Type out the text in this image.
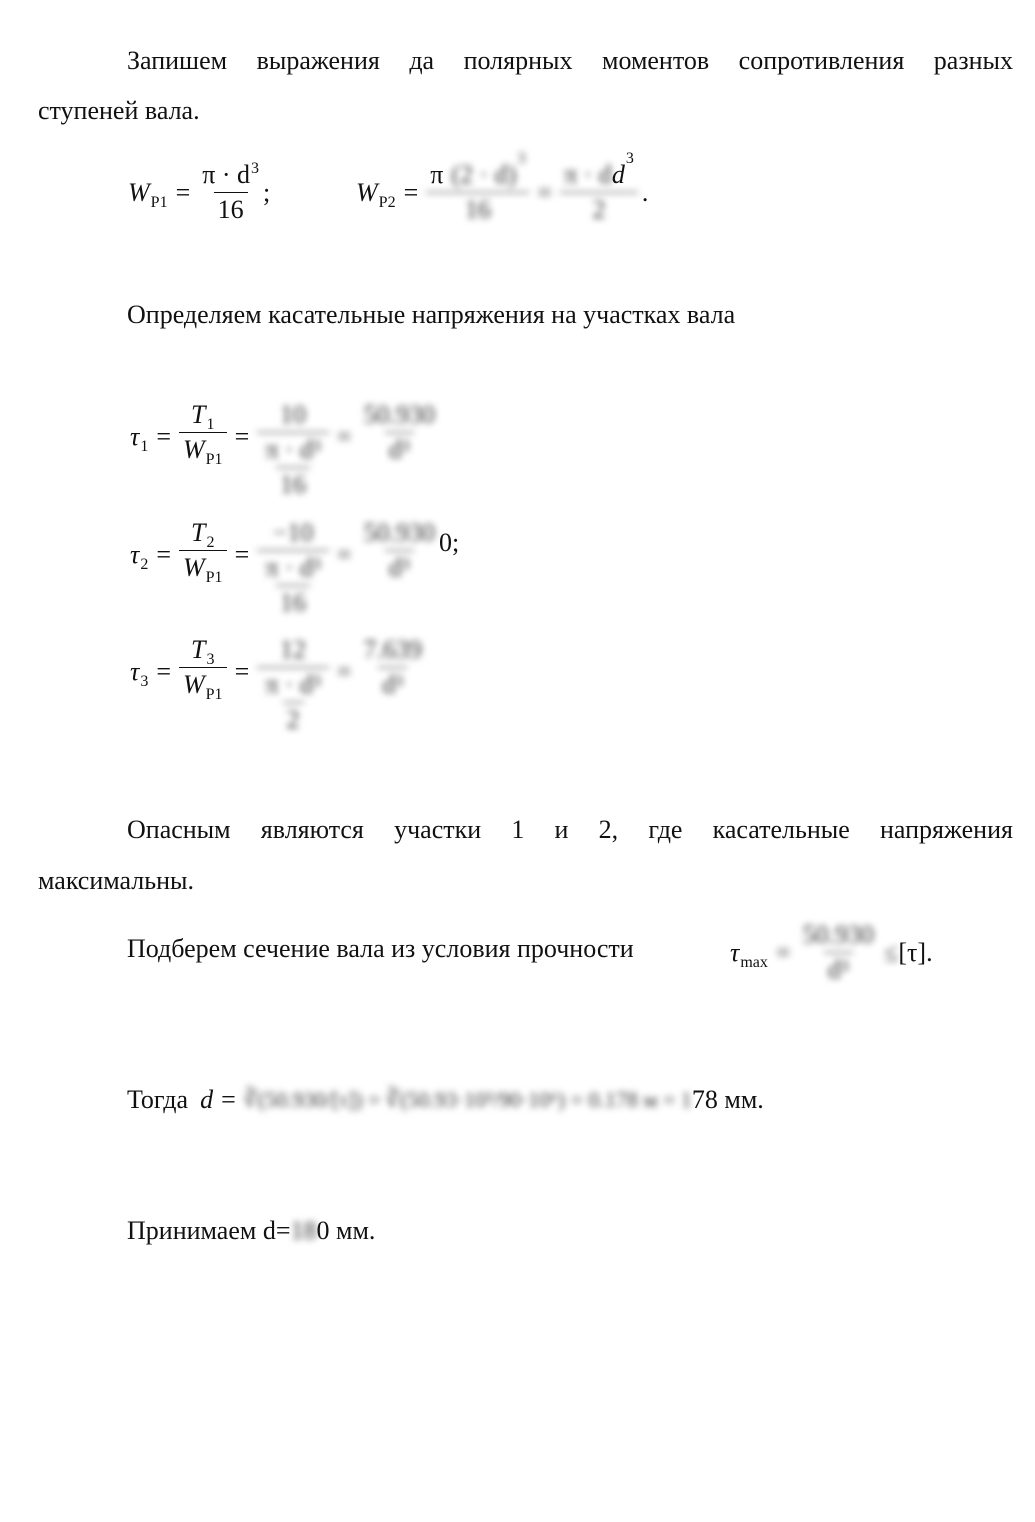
Запишем выражения да полярных моментов сопротивления разных
ступеней вала.
$W_{P1} = \frac{\pi \cdot d^3}{16}$ ;	$W_{P2} = \pi$ (2 · d)
3
16 = π · d d
3
2 .
Определяем касательные напряжения на участках вала
$\tau_1 = \frac{T_1}{W_{P1}} = \frac{10}{\frac{\text{π · d³}}{16}} = \frac{50.930}{\text{d³}}$
$\tau_2 = \frac{T_2}{W_{P1}} = \frac{-10}{\frac{\text{π · d³}}{16}} = \frac{50.930}{\text{d³}} 0$;
$\tau_3 = \frac{T_3}{W_{P1}} = \frac{12}{\frac{\text{π · d³}}{2}} = \frac{7.639}{\text{d³}}$
Опасным являются участки 1 и 2, где касательные напряжения
максимальны.
Подберем сечение вала из условия прочности	$\tau_{max} = \frac{50.930}{\text{d³}} \le [\tau]$.
Тогда d = ∛(50.930/[τ]) = ∛(50.93·10³/90·10⁶) = 0.178 м = 1 78 мм.
Принимаем d=180 мм.
